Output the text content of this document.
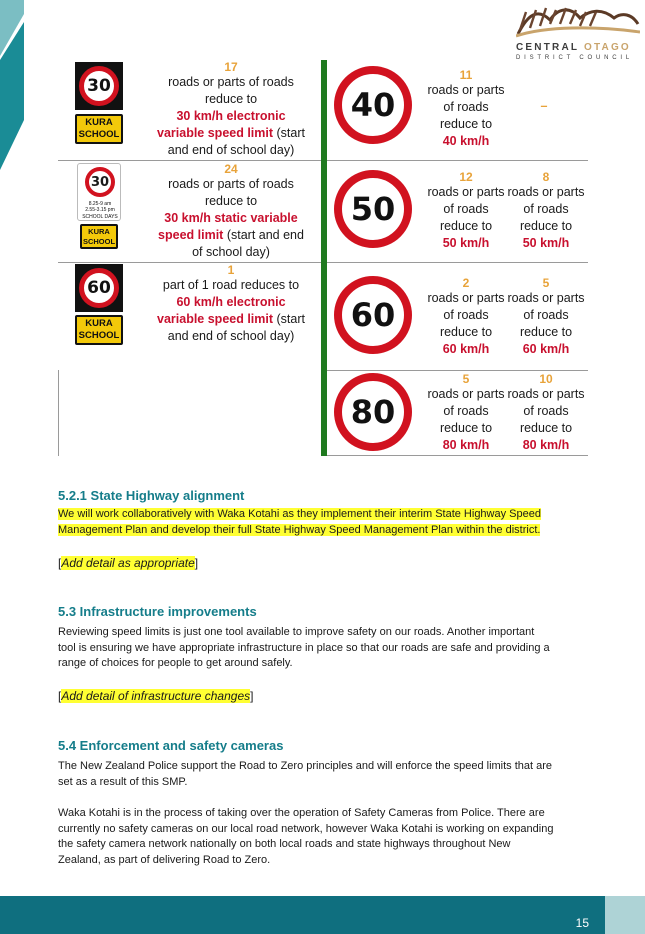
CENTRAL OTAGO
DISTRICT COUNCIL
30
KURA
SCHOOL
17
roads or parts of roads
reduce to
30 km/h electronic
variable speed limit (start
and end of school day)
40
11
roads or parts
of roads
reduce to
40 km/h
–
30
8.25-9 am
2.55-3.15 pm
SCHOOL DAYS
KURA
SCHOOL
24
roads or parts of roads
reduce to
30 km/h static variable
speed limit (start and end
of school day)
50
12
roads or parts
of roads
reduce to
50 km/h
8
roads or parts
of roads
reduce to
50 km/h
60
KURA
SCHOOL
1
part of 1 road reduces to
60 km/h electronic
variable speed limit (start
and end of school day)
60
2
roads or parts
of roads
reduce to
60 km/h
5
roads or parts
of roads
reduce to
60 km/h
80
5
roads or parts
of roads
reduce to
80 km/h
10
roads or parts
of roads
reduce to
80 km/h
5.2.1 State Highway alignment
We will work collaboratively with Waka Kotahi as they implement their interim State Highway Speed
Management Plan and develop their full State Highway Speed Management Plan within the district.
[Add detail as appropriate]
5.3 Infrastructure improvements
Reviewing speed limits is just one tool available to improve safety on our roads. Another important
tool is ensuring we have appropriate infrastructure in place so that our roads are safe and providing a
range of choices for people to get around safely.
[Add detail of infrastructure changes]
5.4 Enforcement and safety cameras
The New Zealand Police support the Road to Zero principles and will enforce the speed limits that are
set as a result of this SMP.
Waka Kotahi is in the process of taking over the operation of Safety Cameras from Police. There are
currently no safety cameras on our local road network, however Waka Kotahi is working on expanding
the safety camera network nationally on both local roads and state highways throughout New
Zealand, as part of delivering Road to Zero.
15
